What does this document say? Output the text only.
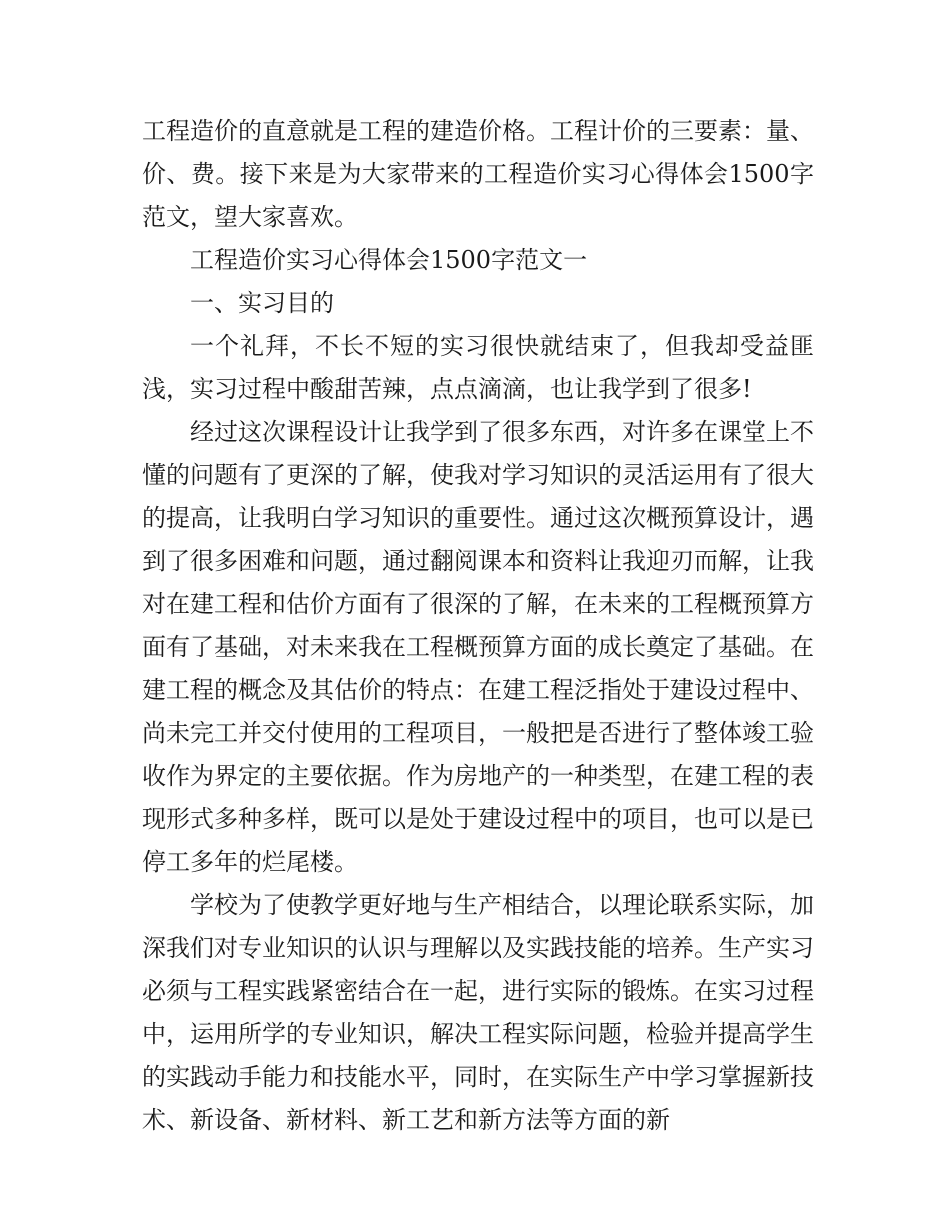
工程造价的直意就是工程的建造价格。工程计价的三要素：量、价、费。接下来是为大家带来的工程造价实习心得体会1500字范文，望大家喜欢。

工程造价实习心得体会1500字范文一

一、实习目的

一个礼拜，不长不短的实习很快就结束了，但我却受益匪浅，实习过程中酸甜苦辣，点点滴滴，也让我学到了很多!

经过这次课程设计让我学到了很多东西，对许多在课堂上不懂的问题有了更深的了解，使我对学习知识的灵活运用有了很大的提高，让我明白学习知识的重要性。通过这次概预算设计，遇到了很多困难和问题，通过翻阅课本和资料让我迎刃而解，让我对在建工程和估价方面有了很深的了解，在未来的工程概预算方面有了基础，对未来我在工程概预算方面的成长奠定了基础。在建工程的概念及其估价的特点：在建工程泛指处于建设过程中、尚未完工并交付使用的工程项目，一般把是否进行了整体竣工验收作为界定的主要依据。作为房地产的一种类型，在建工程的表现形式多种多样，既可以是处于建设过程中的项目，也可以是已停工多年的烂尾楼。

学校为了使教学更好地与生产相结合，以理论联系实际，加深我们对专业知识的认识与理解以及实践技能的培养。生产实习必须与工程实践紧密结合在一起，进行实际的锻炼。在实习过程中，运用所学的专业知识，解决工程实际问题，检验并提高学生的实践动手能力和技能水平，同时，在实际生产中学习掌握新技术、新设备、新材料、新工艺和新方法等方面的新
